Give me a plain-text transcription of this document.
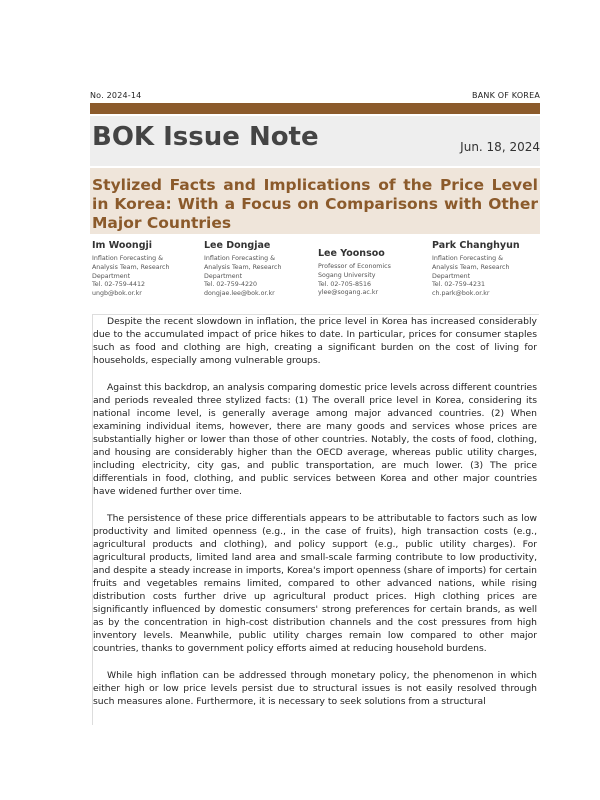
No. 2024-14	BANK OF KOREA
BOK Issue Note	Jun. 18, 2024
Stylized Facts and Implications of the Price Level in Korea: With a Focus on Comparisons with Other Major Countries
Im Woongji
Inflation Forecasting &
Analysis Team, Research
Department
Tel. 02-759-4412
ungb@bok.or.kr
Lee Dongjae
Inflation Forecasting &
Analysis Team, Research
Department
Tel. 02-759-4220
dongjae.lee@bok.or.kr
Lee Yoonsoo
Professor of Economics
Sogang University
Tel. 02-705-8516
ylee@sogang.ac.kr
Park Changhyun
Inflation Forecasting &
Analysis Team, Research
Department
Tel. 02-759-4231
ch.park@bok.or.kr

Despite the recent slowdown in inflation, the price level in Korea has increased considerably due to the accumulated impact of price hikes to date. In particular, prices for consumer staples such as food and clothing are high, creating a significant burden on the cost of living for households, especially among vulnerable groups.

Against this backdrop, an analysis comparing domestic price levels across different countries and periods revealed three stylized facts: (1) The overall price level in Korea, considering its national income level, is generally average among major advanced countries. (2) When examining individual items, however, there are many goods and services whose prices are substantially higher or lower than those of other countries. Notably, the costs of food, clothing, and housing are considerably higher than the OECD average, whereas public utility charges, including electricity, city gas, and public transportation, are much lower. (3) The price differentials in food, clothing, and public services between Korea and other major countries have widened further over time.

The persistence of these price differentials appears to be attributable to factors such as low productivity and limited openness (e.g., in the case of fruits), high transaction costs (e.g., agricultural products and clothing), and policy support (e.g., public utility charges). For agricultural products, limited land area and small-scale farming contribute to low productivity, and despite a steady increase in imports, Korea's import openness (share of imports) for certain fruits and vegetables remains limited, compared to other advanced nations, while rising distribution costs further drive up agricultural product prices. High clothing prices are significantly influenced by domestic consumers' strong preferences for certain brands, as well as by the concentration in high-cost distribution channels and the cost pressures from high inventory levels. Meanwhile, public utility charges remain low compared to other major countries, thanks to government policy efforts aimed at reducing household burdens.

While high inflation can be addressed through monetary policy, the phenomenon in which either high or low price levels persist due to structural issues is not easily resolved through such measures alone. Furthermore, it is necessary to seek solutions from a structural
